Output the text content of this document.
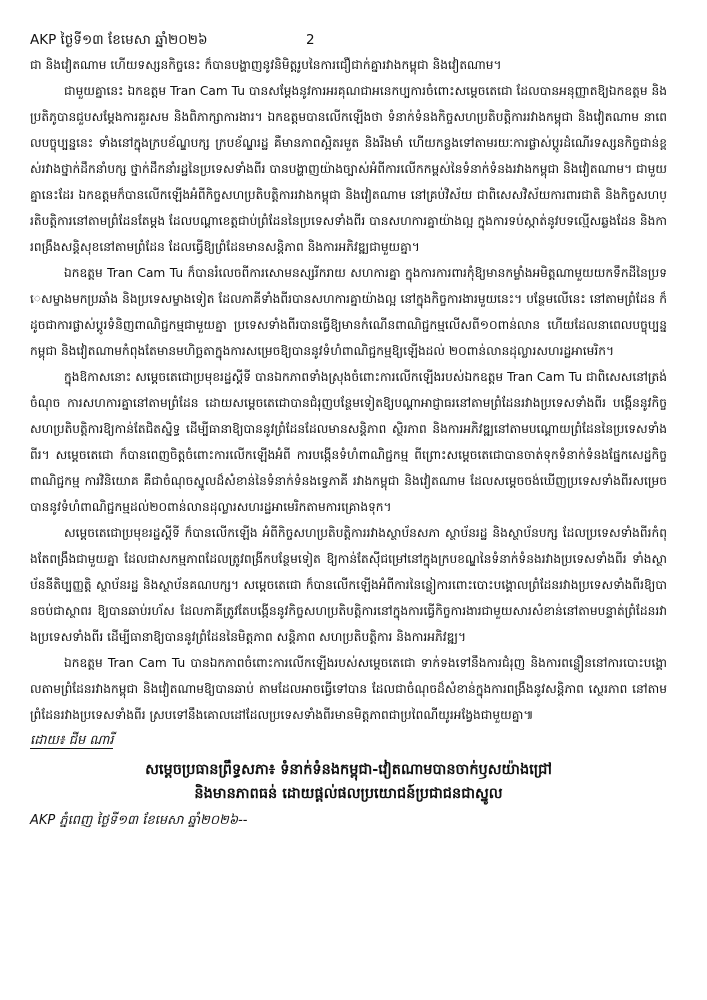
AKP ថ្ងៃទី១៣ ខែមេសា ឆ្នាំ២០២៦	2

ជា និងវៀតណាម ហើយទស្សនកិច្ចនេះ ក៏បានបង្ហាញនូវនិមិត្តរូបនៃការជឿជាក់គ្នារវាងកម្ពុជា និងវៀតណាម។

ជាមួយគ្នានេះ ឯកឧត្តម Tran Cam Tu បានសម្តែងនូវការអរគុណជាអនេកប្បការចំពោះសម្តេចតេជោ ដែលបានអនុញ្ញាតឱ្យឯកឧត្តម និងប្រតិភូបានជួបសម្តែងការគួរសម និងពិភាក្សាការងារ។ ឯកឧត្តមបានលើកឡើងថា ទំនាក់ទំនងកិច្ចសហប្រតិបត្តិការរវាងកម្ពុជា និងវៀតណាម នាពេលបច្ចុប្បន្ននេះ ទាំងនៅក្នុងក្របខ័ណ្ឌបក្ស ក្របខ័ណ្ឌរដ្ឋ គឺមានភាពស្អិតរមួត និងរឹងមាំ ហើយកន្លងទៅតាមរយៈការផ្លាស់ប្តូរដំណើរទស្សនកិច្ចជាន់ខ្ពស់រវាងថ្នាក់ដឹកនាំបក្ស ថ្នាក់ដឹកនាំរដ្ឋនៃប្រទេសទាំងពីរ បានបង្ហាញយ៉ាងច្បាស់អំពីការលើកកម្ពស់នៃទំនាក់ទំនងរវាងកម្ពុជា និងវៀតណាម។ ជាមួយគ្នានេះដែរ ឯកឧត្តមក៏បានលើកឡើងអំពីកិច្ចសហប្រតិបត្តិការរវាងកម្ពុជា និងវៀតណាម នៅគ្រប់វិស័យ ជាពិសេសវិស័យការពារជាតិ និងកិច្ចសហប្រតិបត្តិការនៅតាមព្រំដែនតែម្តង ដែលបណ្តាខេត្តជាប់ព្រំដែននៃប្រទេសទាំងពីរ បានសហការគ្នាយ៉ាងល្អ ក្នុងការទប់ស្កាត់នូវបទល្មើសឆ្លងដែន និងការពង្រឹងសន្តិសុខនៅតាមព្រំដែន ដែលធ្វើឱ្យព្រំដែនមានសន្តិភាព និងការអភិវឌ្ឍជាមួយគ្នា។

ឯកឧត្តម Tran Cam Tu ក៏បានរំលេចពីការសោមនស្សរីករាយ សហការគ្នា ក្នុងការការពារកុំឱ្យមានកម្លាំងអមិត្តណាមួយយកទឹកដីនៃប្រទេសម្ខាងមកប្រឆាំង និងប្រទេសម្ខាងទៀត ដែលភាគីទាំងពីរបានសហការគ្នាយ៉ាងល្អ នៅក្នុងកិច្ចការងារមួយនេះ។ បន្ថែមលើនេះ នៅតាមព្រំដែន ក៏ដូចជាការផ្លាស់ប្តូរទំនិញពាណិជ្ជកម្មជាមួយគ្នា ប្រទេសទាំងពីរបានធ្វើឱ្យមានកំណើនពាណិជ្ជកម្មលើសពី១០ពាន់លាន ហើយដែលនាពេលបច្ចុប្បន្នកម្ពុជា និងវៀតណាមកំពុងតែមានមហិច្ឆតាក្នុងការសម្រេចឱ្យបាននូវទំហំពាណិជ្ជកម្មឱ្យឡើងដល់ ២០ពាន់លានដុល្លារសហរដ្ឋអាមេរិក។

ក្នុងឱកាសនោះ សម្តេចតេជោប្រមុខរដ្ឋស្តីទី បានឯកភាពទាំងស្រុងចំពោះការលើកឡើងរបស់ឯកឧត្តម Tran Cam Tu ជាពិសេសនៅត្រង់ចំណុច ការសហការគ្នានៅតាមព្រំដែន ដោយសម្តេចតេជោបានជំរុញបន្ថែមទៀតឱ្យបណ្តាអាជ្ញាធរនៅតាមព្រំដែនរវាងប្រទេសទាំងពីរ បង្កើននូវកិច្ចសហប្រតិបត្តិការឱ្យកាន់តែជិតស្និទ្ធ ដើម្បីធានាឱ្យបាននូវព្រំដែនដែលមានសន្តិភាព ស្ថិរភាព និងការអភិវឌ្ឍនៅតាមបណ្តោយព្រំដែននៃប្រទេសទាំងពីរ។ សម្តេចតេជោ ក៏បានពេញចិត្តចំពោះការលើកឡើងអំពី ការបង្កើនទំហំពាណិជ្ជកម្ម ពីព្រោះសម្តេចតេជោបានចាត់ទុកទំនាក់ទំនងផ្នែកសេដ្ឋកិច្ច ពាណិជ្ជកម្ម ការវិនិយោគ គឺជាចំណុចស្នូលដ៏សំខាន់នៃទំនាក់ទំនងទ្វេភាគី រវាងកម្ពុជា និងវៀតណាម ដែលសម្តេចចង់ឃើញប្រទេសទាំងពីរសម្រេចបាននូវទំហំពាណិជ្ជកម្មដល់២០ពាន់លានដុល្លារសហរដ្ឋអាមេរិកតាមការគ្រោងទុក។

សម្តេចតេជោប្រមុខរដ្ឋស្តីទី ក៏បានលើកឡើង អំពីកិច្ចសហប្រតិបត្តិការរវាងស្ថាប័នសភា ស្ថាប័នរដ្ឋ និងស្ថាប័នបក្ស ដែលប្រទេសទាំងពីរកំពុងតែពង្រឹងជាមួយគ្នា ដែលជាសកម្មភាពដែលត្រូវពង្រីកបន្ថែមទៀត ឱ្យកាន់តែស៊ីជម្រៅនៅក្នុងក្របខណ្ឌនៃទំនាក់ទំនងរវាងប្រទេសទាំងពីរ ទាំងស្ថាប័ននីតិប្បញ្ញត្តិ ស្ថាប័នរដ្ឋ និងស្ថាប័នគណបក្ស។ សម្តេចតេជោ ក៏បានលើកឡើងអំពីការនៃន្លៀការពោះបោះបង្គោលព្រំដែនរវាងប្រទេសទាំងពីរឱ្យបានចប់ជាស្ថាពរ ឱ្យបានឆាប់រហ័ស ដែលភាគីត្រូវតែបង្កើននូវកិច្ចសហប្រតិបត្តិការនៅក្នុងការធ្វើកិច្ចការងារជាមួយសារសំខាន់នៅតាមបន្ទាត់ព្រំដែនរវាងប្រទេសទាំងពីរ ដើម្បីធានាឱ្យបាននូវព្រំដែននៃមិត្តភាព សន្តិភាព សហប្រតិបត្តិការ និងការអភិវឌ្ឍ។

ឯកឧត្តម Tran Cam Tu បានឯកភាពចំពោះការលើកឡើងរបស់សម្តេចតេជោ ទាក់ទងទៅនឹងការជំរុញ និងការពន្លឿននៅការបោះបង្គោលតាមព្រំដែនរវាងកម្ពុជា និងវៀតណាមឱ្យបានឆាប់ តាមដែលអាចធ្វើទៅបាន ដែលជាចំណុចដ៏សំខាន់ក្នុងការពង្រឹងនូវសន្តិភាព ស្ថេរភាព នៅតាមព្រំដែនរវាងប្រទេសទាំងពីរ ស្របទៅនឹងគោលដៅដែលប្រទេសទាំងពីរមានមិត្តភាពជាប្រពៃណីយូរអង្វែងជាមួយគ្នា៕

ដោយ៖ ជីម ណារី
សម្តេចប្រធានព្រឹទ្ធសភា៖ ទំនាក់ទំនងកម្ពុជា-វៀតណាមបានចាក់ឫសយ៉ាងជ្រៅ
និងមានភាពធន់ ដោយផ្តល់ផលប្រយោជន៍ប្រជាជនជាស្នូល
AKP ភ្នំពេញ ថ្ងៃទី១៣ ខែមេសា ឆ្នាំ២០២៦--
